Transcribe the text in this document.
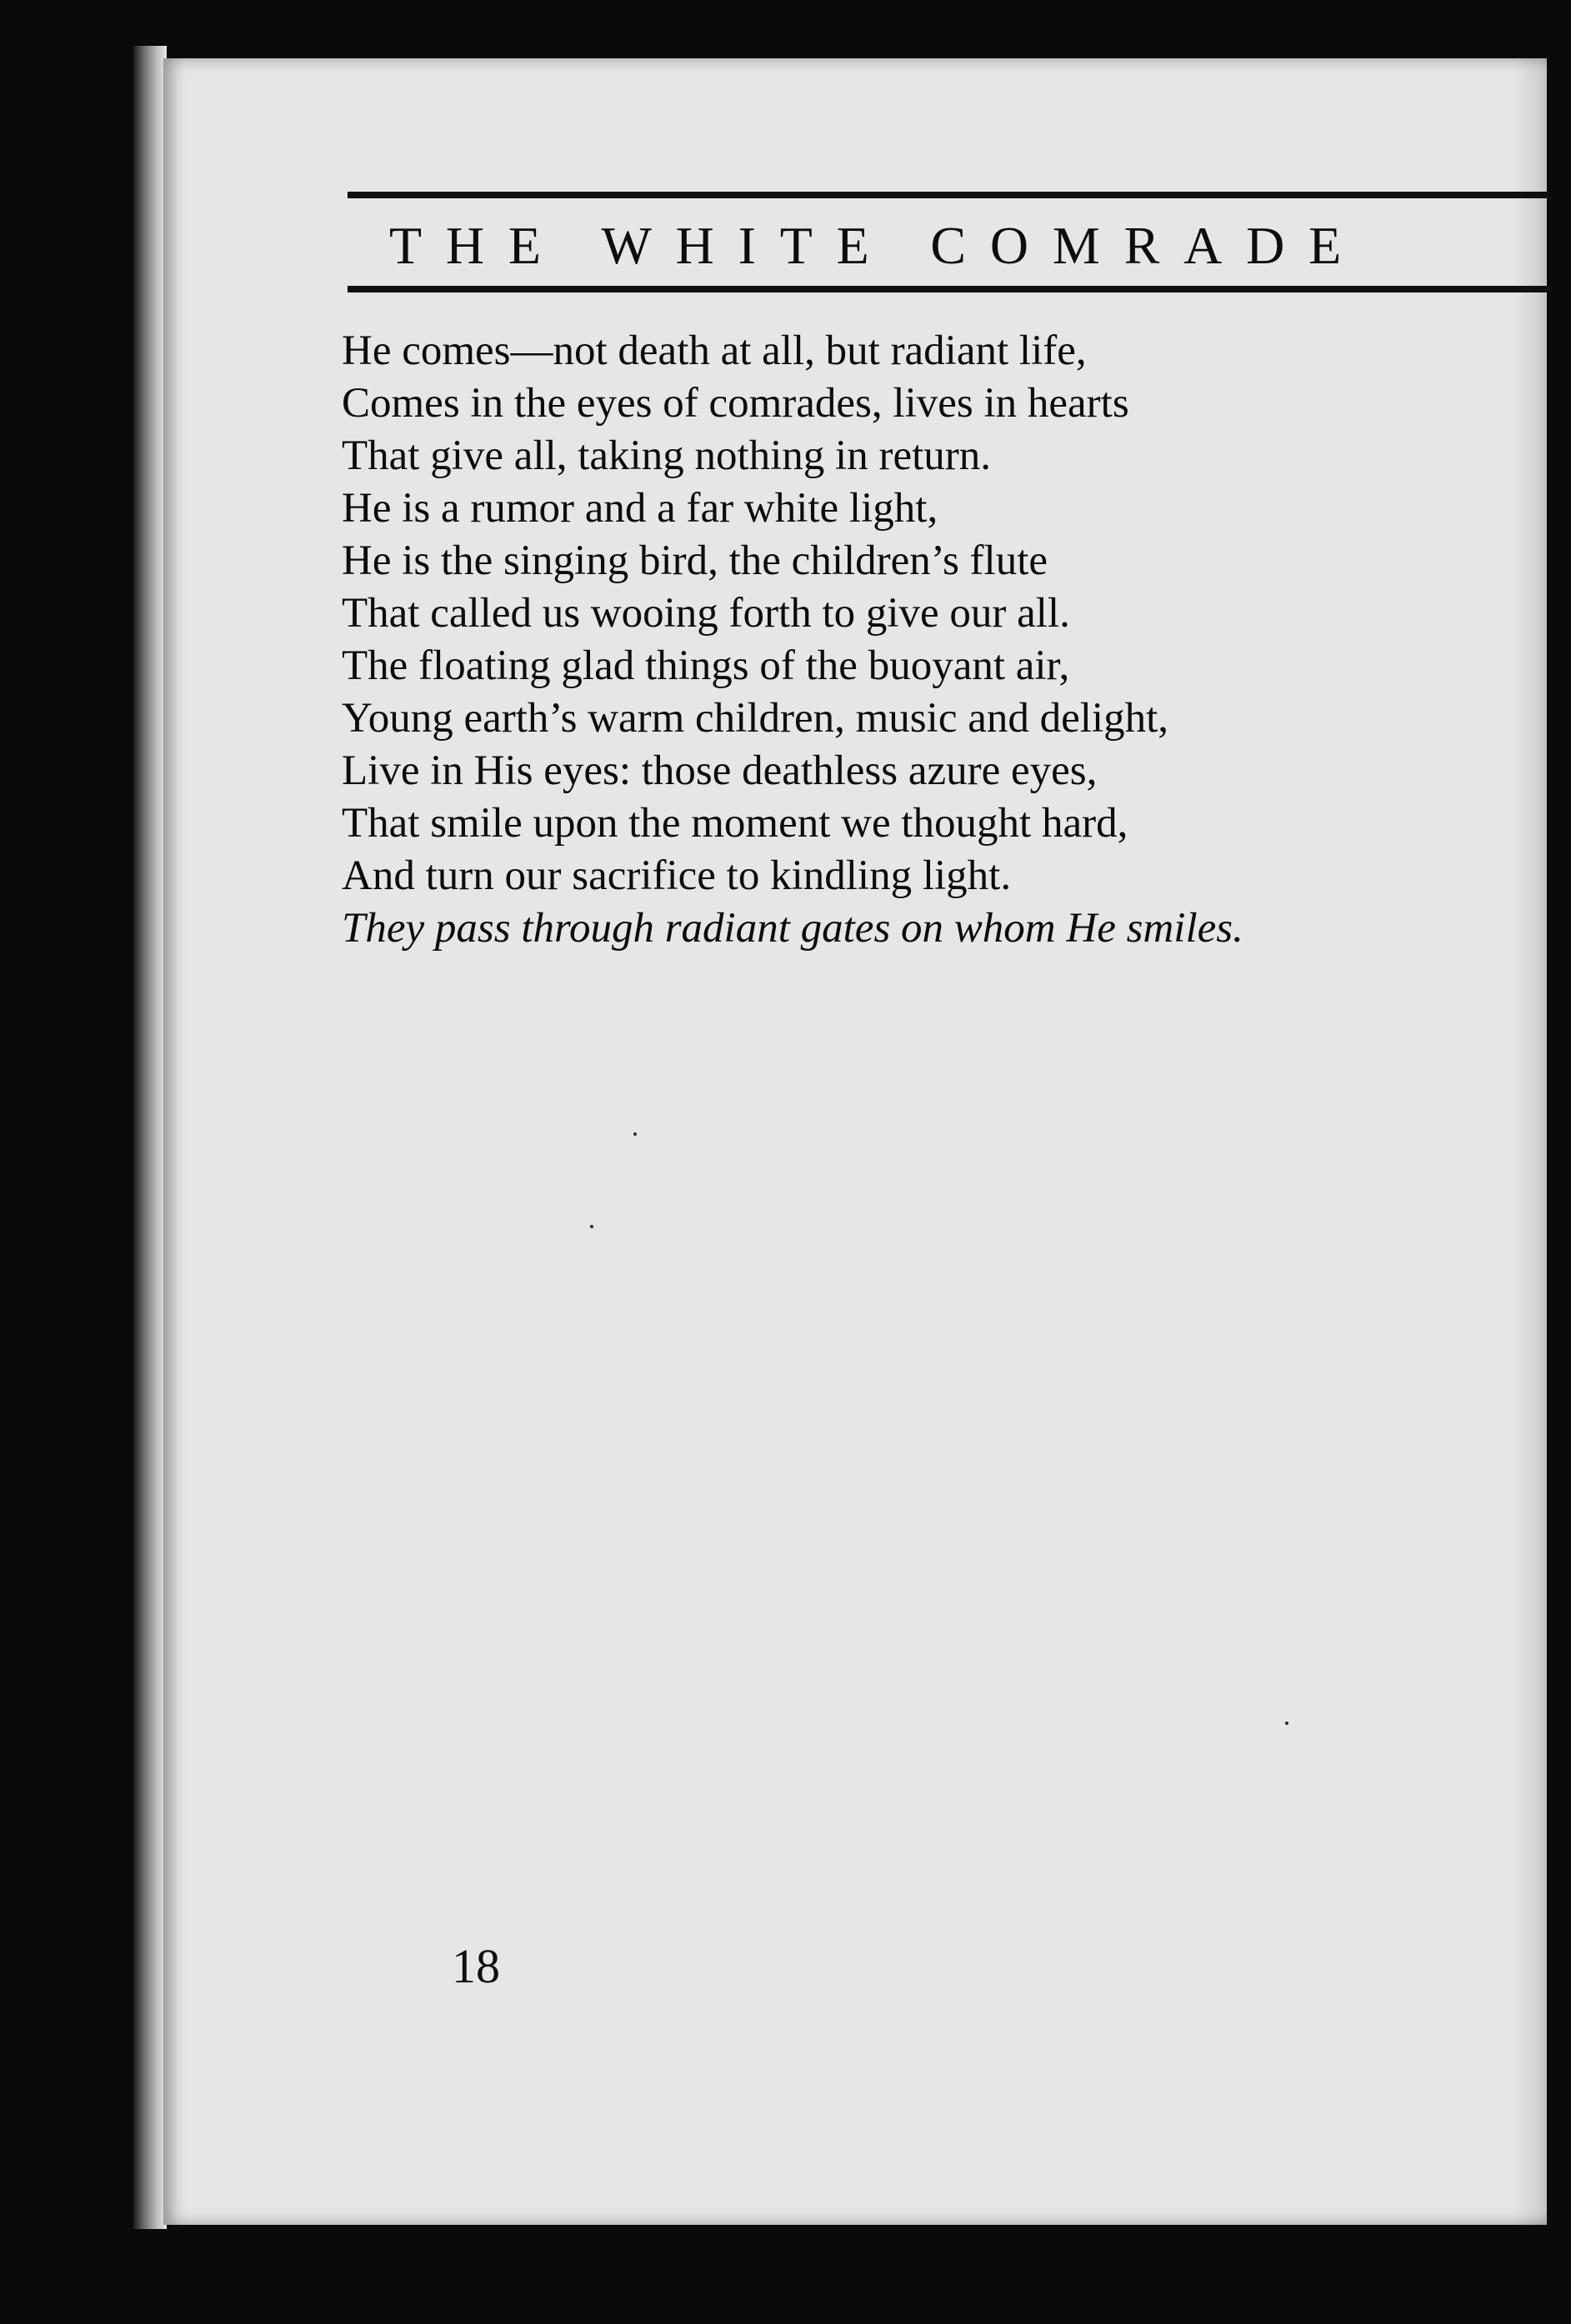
THE WHITE COMRADE
He comes—not death at all, but radiant life,
Comes in the eyes of comrades, lives in hearts
That give all, taking nothing in return.
He is a rumor and a far white light,
He is the singing bird, the children’s flute
That called us wooing forth to give our all.
The floating glad things of the buoyant air,
Young earth’s warm children, music and delight,
Live in His eyes: those deathless azure eyes,
That smile upon the moment we thought hard,
And turn our sacrifice to kindling light.
They pass through radiant gates on whom He smiles.
18
